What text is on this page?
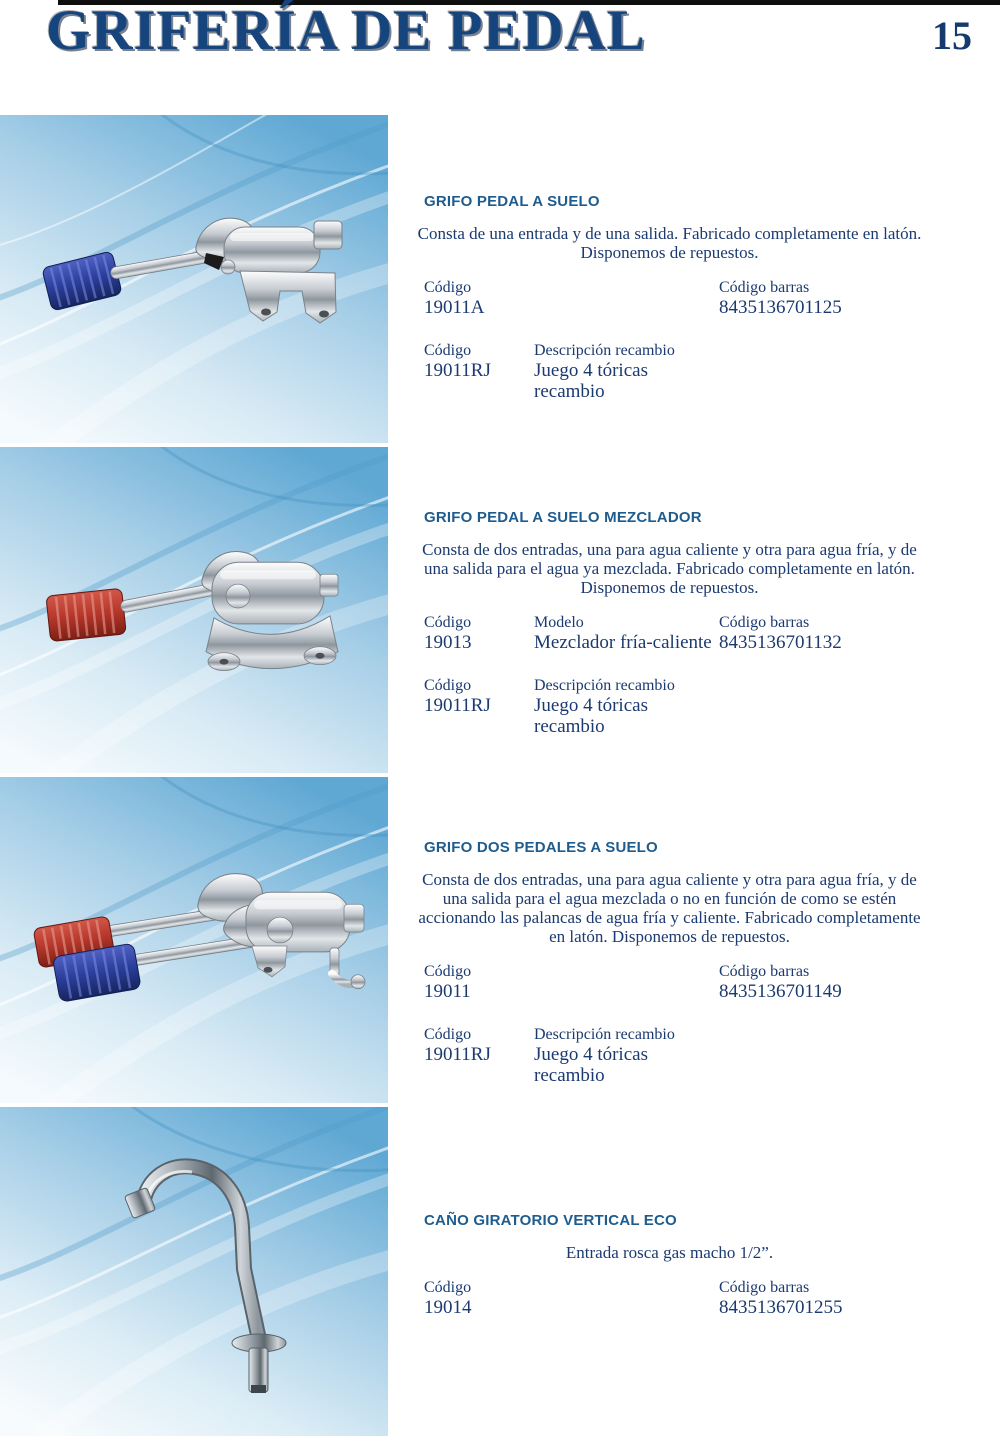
GRIFERÍA DE PEDAL	15
GRIFO PEDAL A SUELO

Consta de una entrada y de una salida. Fabricado completamente en latón. Disponemos de repuestos.

Código	Código barras
19011A	8435136701125
Código	Descripción recambio
19011RJ	Juego 4 tóricas recambio
GRIFO PEDAL A SUELO MEZCLADOR

Consta de dos entradas, una para agua caliente y otra para agua fría, y de una salida para el agua ya mezclada. Fabricado completamente en latón. Disponemos de repuestos.

Código	Modelo	Código barras
19013	Mezclador fría-caliente 8435136701132
Código	Descripción recambio
19011RJ	Juego 4 tóricas recambio
GRIFO DOS PEDALES A SUELO

Consta de dos entradas, una para agua caliente y otra para agua fría, y de una salida para el agua mezclada o no en función de como se estén accionando las palancas de agua fría y caliente. Fabricado completamente en latón. Disponemos de repuestos.

Código	Código barras
19011	8435136701149
Código	Descripción recambio
19011RJ	Juego 4 tóricas recambio
CAÑO GIRATORIO VERTICAL ECO

Entrada rosca gas macho 1/2”.

Código	Código barras
19014	8435136701255
